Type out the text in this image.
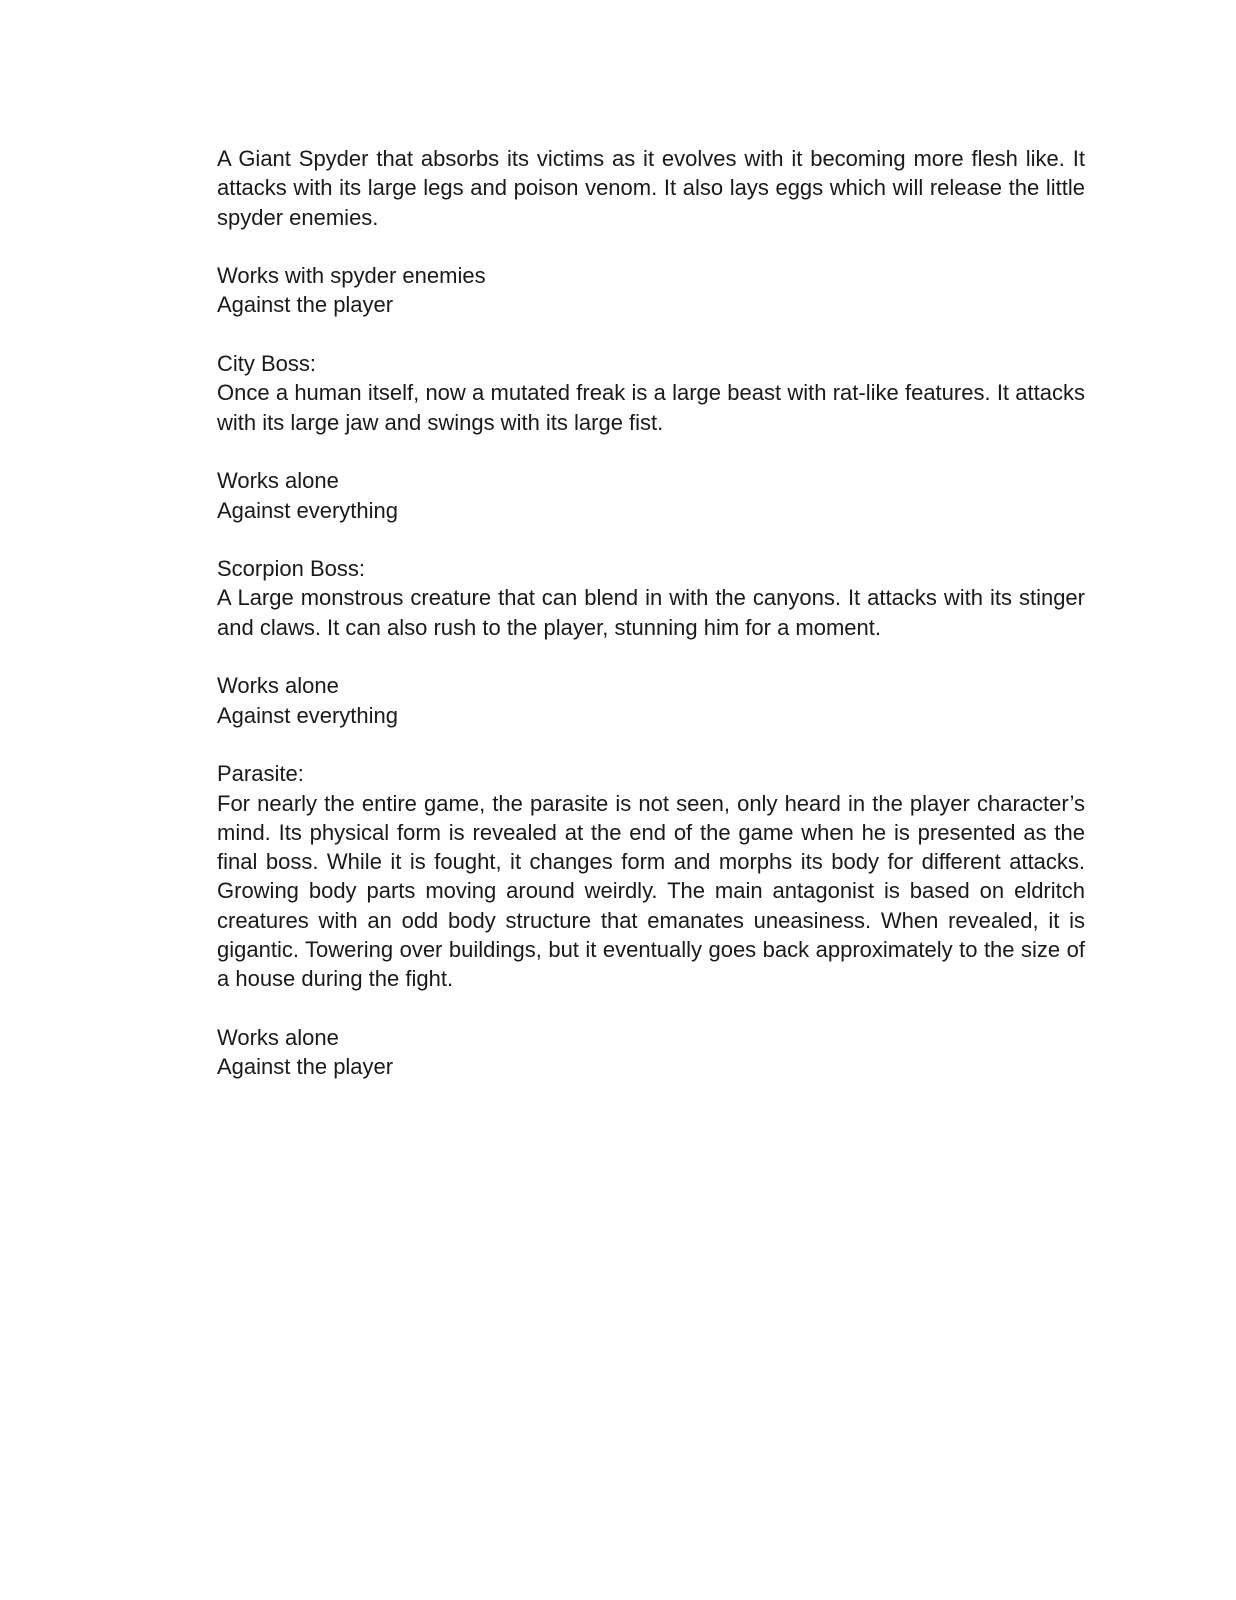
A Giant Spyder that absorbs its victims as it evolves with it becoming more flesh like. It attacks with its large legs and poison venom. It also lays eggs which will release the little spyder enemies.

Works with spyder enemies

Against the player

City Boss:

Once a human itself, now a mutated freak is a large beast with rat-like features. It attacks with its large jaw and swings with its large fist.

Works alone

Against everything

Scorpion Boss:

A Large monstrous creature that can blend in with the canyons. It attacks with its stinger and claws. It can also rush to the player, stunning him for a moment.

Works alone

Against everything

Parasite:

For nearly the entire game, the parasite is not seen, only heard in the player character’s mind. Its physical form is revealed at the end of the game when he is presented as the final boss. While it is fought, it changes form and morphs its body for different attacks. Growing body parts moving around weirdly. The main antagonist is based on eldritch creatures with an odd body structure that emanates uneasiness. When revealed, it is gigantic. Towering over buildings, but it eventually goes back approximately to the size of a house during the fight.

Works alone

Against the player
